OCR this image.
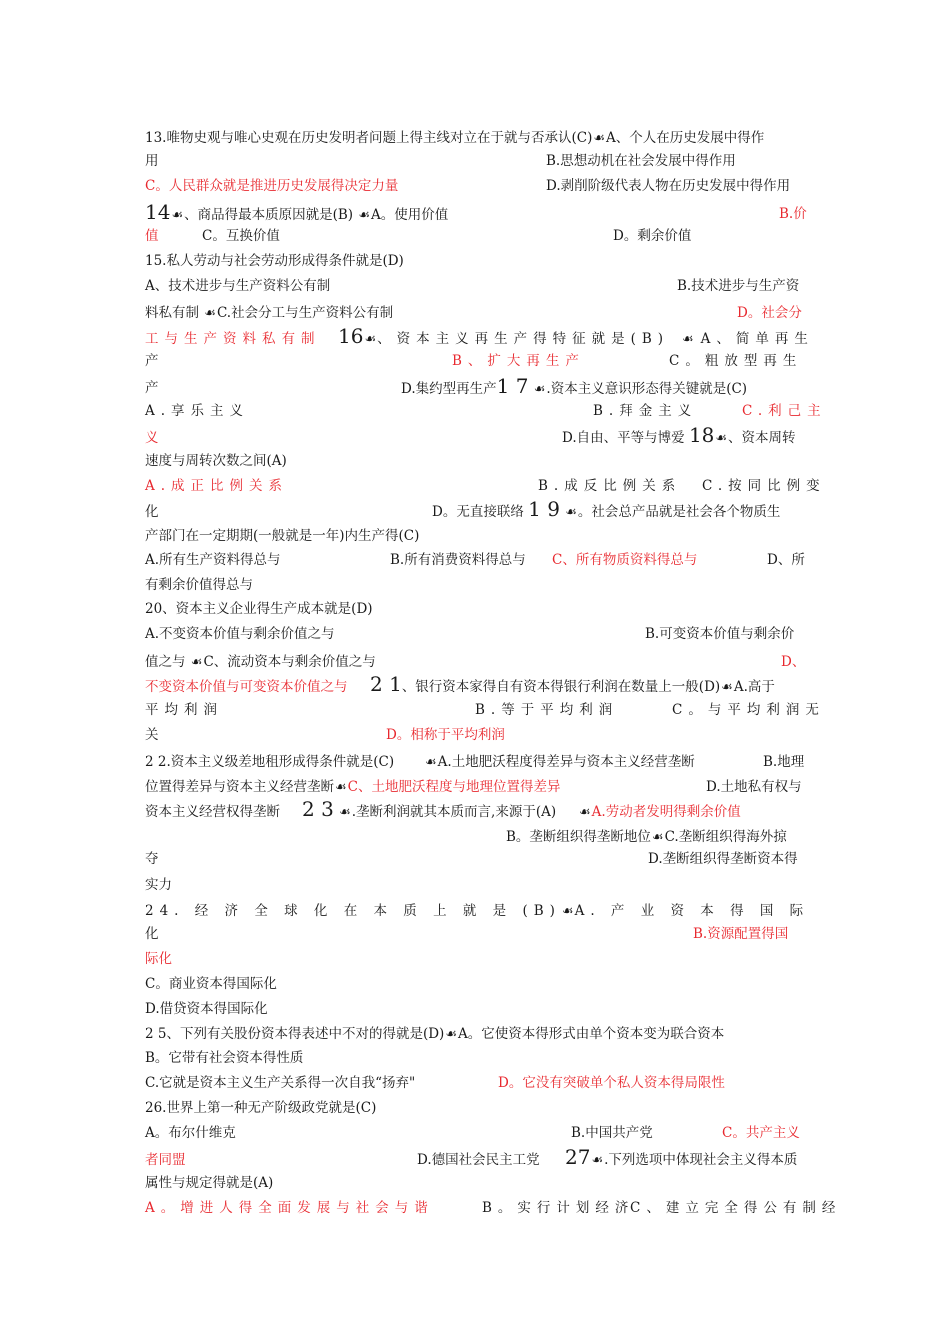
13.唯物史观与唯心史观在历史发明者问题上得主线对立在于就与否承认(C)☙A、个人在历史发展中得作
用	B.思想动机在社会发展中得作用
C。人民群众就是推进历史发展得决定力量	D.剥削阶级代表人物在历史发展中得作用
14☙、商品得最本质原因就是(B) ☙A。使用价值	B.价
值	C。互换价值	D。剩余价值
15.私人劳动与社会劳动形成得条件就是(D)
A、技术进步与生产资料公有制	B.技术进步与生产资
料私有制 ☙C.社会分工与生产资料公有制	D。社会分
工与生产资料私有制 16☙、资本主义再生产得特征就是(B) ☙A、简单再生
产	B、扩大再生产	C。粗放型再生
产	D.集约型再生产1 7 ☙.资本主义意识形态得关键就是(C)
A.享乐主义	B.拜金主义	C.利己主
义	D.自由、平等与博爱 18☙、资本周转
速度与周转次数之间(A)
A.成正比例关系	B.成反比例关系 C.按同比例变
化	D。无直接联络 1 9 ☙。社会总产品就是社会各个物质生
产部门在一定期期(一般就是一年)内生产得(C)
A.所有生产资料得总与	B.所有消费资料得总与 C、所有物质资料得总与	D、所
有剩余价值得总与
20、资本主义企业得生产成本就是(D)
A.不变资本价值与剩余价值之与	B.可变资本价值与剩余价
值之与 ☙C、流动资本与剩余价值之与	D、
不变资本价值与可变资本价值之与 2 1、银行资本家得自有资本得银行利润在数量上一般(D)☙A.高于
平均利润	B.等于平均利润	C。与平均利润无
关	D。相称于平均利润
2 2.资本主义级差地租形成得条件就是(C) ☙A.土地肥沃程度得差异与资本主义经营垄断	B.地理
位置得差异与资本主义经营垄断☙C、土地肥沃程度与地理位置得差异	D.土地私有权与
资本主义经营权得垄断 2 3 ☙.垄断利润就其本质而言,来源于(A) ☙A.劳动者发明得剩余价值
B。垄断组织得垄断地位☙C.垄断组织得海外掠
夺	D.垄断组织得垄断资本得
实力
24. 经 济 全 球 化 在 本 质 上 就 是 (B)☙A. 产 业 资 本 得 国 际
化	B.资源配置得国
际化
C。商业资本得国际化
D.借贷资本得国际化
2 5、下列有关股份资本得表述中不对的得就是(D)☙A。它使资本得形式由单个资本变为联合资本
B。它带有社会资本得性质
C.它就是资本主义生产关系得一次自我“扬弃"	D。它没有突破单个私人资本得局限性
26.世界上第一种无产阶级政党就是(C)
A。布尔什维克	B.中国共产党	C。共产主义
者同盟	D.德国社会民主工党 27☙.下列选项中体现社会主义得本质
属性与规定得就是(A)
A。增进人得全面发展与社会与谐	B。实行计划经济
C、建立完全得公有制经
